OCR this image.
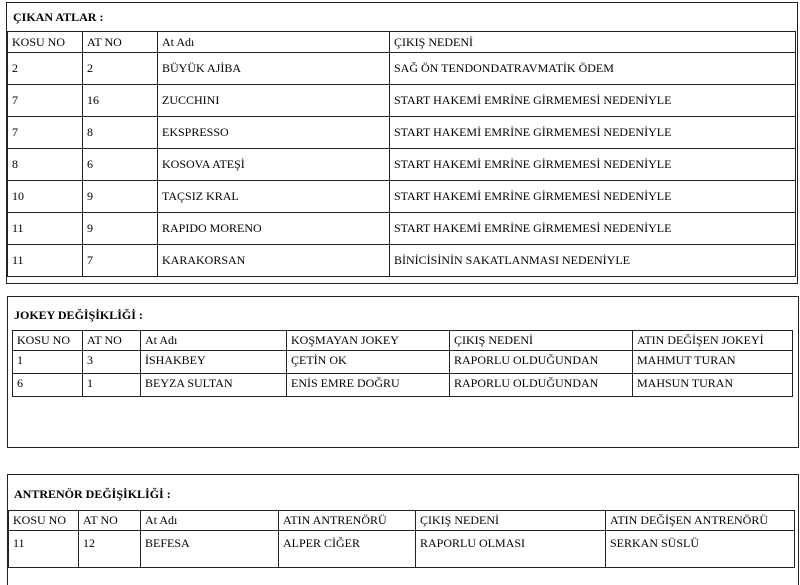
ÇIKAN ATLAR :
KOSU NO	AT NO	At Adı	ÇIKIŞ NEDENİ
2	2	BÜYÜK AJİBA	SAĞ ÖN TENDONDATRAVMATİK ÖDEM
7	16	ZUCCHINI	START HAKEMİ EMRİNE GİRMEMESİ NEDENİYLE
7	8	EKSPRESSO	START HAKEMİ EMRİNE GİRMEMESİ NEDENİYLE
8	6	KOSOVA ATEŞİ	START HAKEMİ EMRİNE GİRMEMESİ NEDENİYLE
10	9	TAÇSIZ KRAL	START HAKEMİ EMRİNE GİRMEMESİ NEDENİYLE
11	9	RAPIDO MORENO	START HAKEMİ EMRİNE GİRMEMESİ NEDENİYLE
11	7	KARAKORSAN	BİNİCİSİNİN SAKATLANMASI NEDENİYLE
JOKEY DEĞİŞİKLİĞİ :
KOSU NO	AT NO	At Adı	KOŞMAYAN JOKEY	ÇIKIŞ NEDENİ	ATIN DEĞİŞEN JOKEYİ
1	3	İSHAKBEY	ÇETİN OK	RAPORLU OLDUĞUNDAN	MAHMUT TURAN
6	1	BEYZA SULTAN	ENİS EMRE DOĞRU	RAPORLU OLDUĞUNDAN	MAHSUN TURAN
ANTRENÖR DEĞİŞİKLİĞİ :
KOSU NO	AT NO	At Adı	ATIN ANTRENÖRÜ	ÇIKIŞ NEDENİ	ATIN DEĞİŞEN ANTRENÖRÜ
11	12	BEFESA	ALPER CİĞER	RAPORLU OLMASI	SERKAN SÜSLÜ
